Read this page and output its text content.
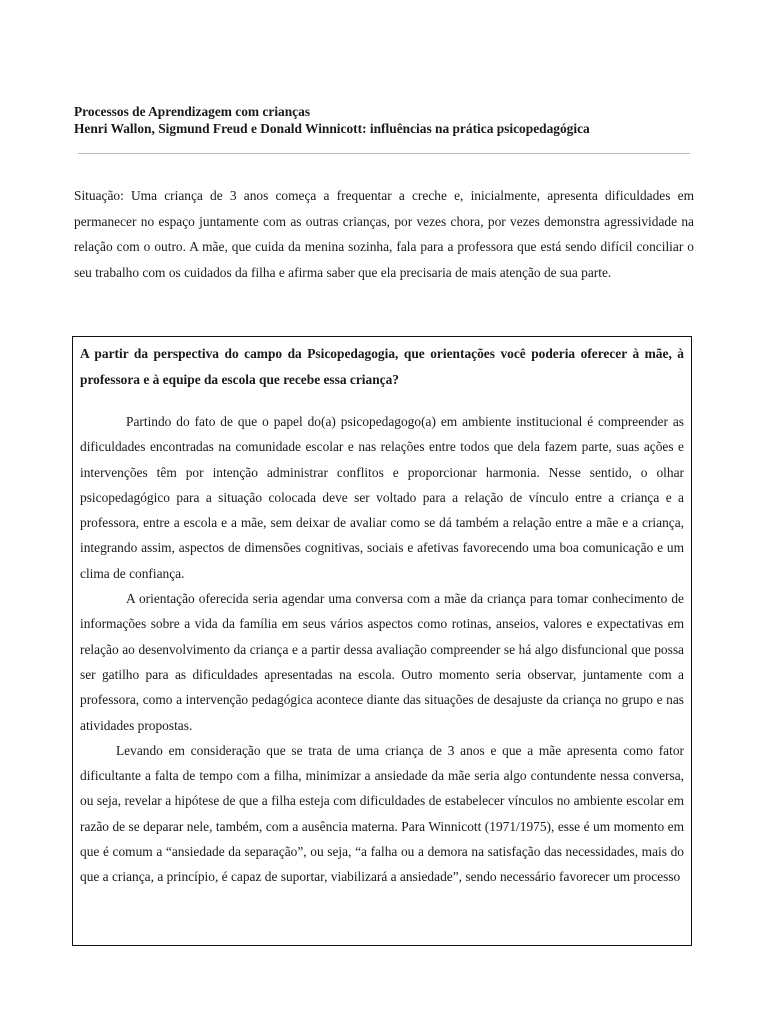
Processos de Aprendizagem com crianças
Henri Wallon, Sigmund Freud e Donald Winnicott: influências na prática psicopedagógica

Situação: Uma criança de 3 anos começa a frequentar a creche e, inicialmente, apresenta dificuldades em permanecer no espaço juntamente com as outras crianças, por vezes chora, por vezes demonstra agressividade na relação com o outro. A mãe, que cuida da menina sozinha, fala para a professora que está sendo difícil conciliar o seu trabalho com os cuidados da filha e afirma saber que ela precisaria de mais atenção de sua parte.

A partir da perspectiva do campo da Psicopedagogia, que orientações você poderia oferecer à mãe, à professora e à equipe da escola que recebe essa criança?

Partindo do fato de que o papel do(a) psicopedagogo(a) em ambiente institucional é compreender as dificuldades encontradas na comunidade escolar e nas relações entre todos que dela fazem parte, suas ações e intervenções têm por intenção administrar conflitos e proporcionar harmonia. Nesse sentido, o olhar psicopedagógico para a situação colocada deve ser voltado para a relação de vínculo entre a criança e a professora, entre a escola e a mãe, sem deixar de avaliar como se dá também a relação entre a mãe e a criança, integrando assim, aspectos de dimensões cognitivas, sociais e afetivas favorecendo uma boa comunicação e um clima de confiança.

A orientação oferecida seria agendar uma conversa com a mãe da criança para tomar conhecimento de informações sobre a vida da família em seus vários aspectos como rotinas, anseios, valores e expectativas em relação ao desenvolvimento da criança e a partir dessa avaliação compreender se há algo disfuncional que possa ser gatilho para as dificuldades apresentadas na escola. Outro momento seria observar, juntamente com a professora, como a intervenção pedagógica acontece diante das situações de desajuste da criança no grupo e nas atividades propostas.

Levando em consideração que se trata de uma criança de 3 anos e que a mãe apresenta como fator dificultante a falta de tempo com a filha, minimizar a ansiedade da mãe seria algo contundente nessa conversa, ou seja, revelar a hipótese de que a filha esteja com dificuldades de estabelecer vínculos no ambiente escolar em razão de se deparar nele, também, com a ausência materna. Para Winnicott (1971/1975), esse é um momento em que é comum a “ansiedade da separação”, ou seja, “a falha ou a demora na satisfação das necessidades, mais do que a criança, a princípio, é capaz de suportar, viabilizará a ansiedade”, sendo necessário favorecer um processo
